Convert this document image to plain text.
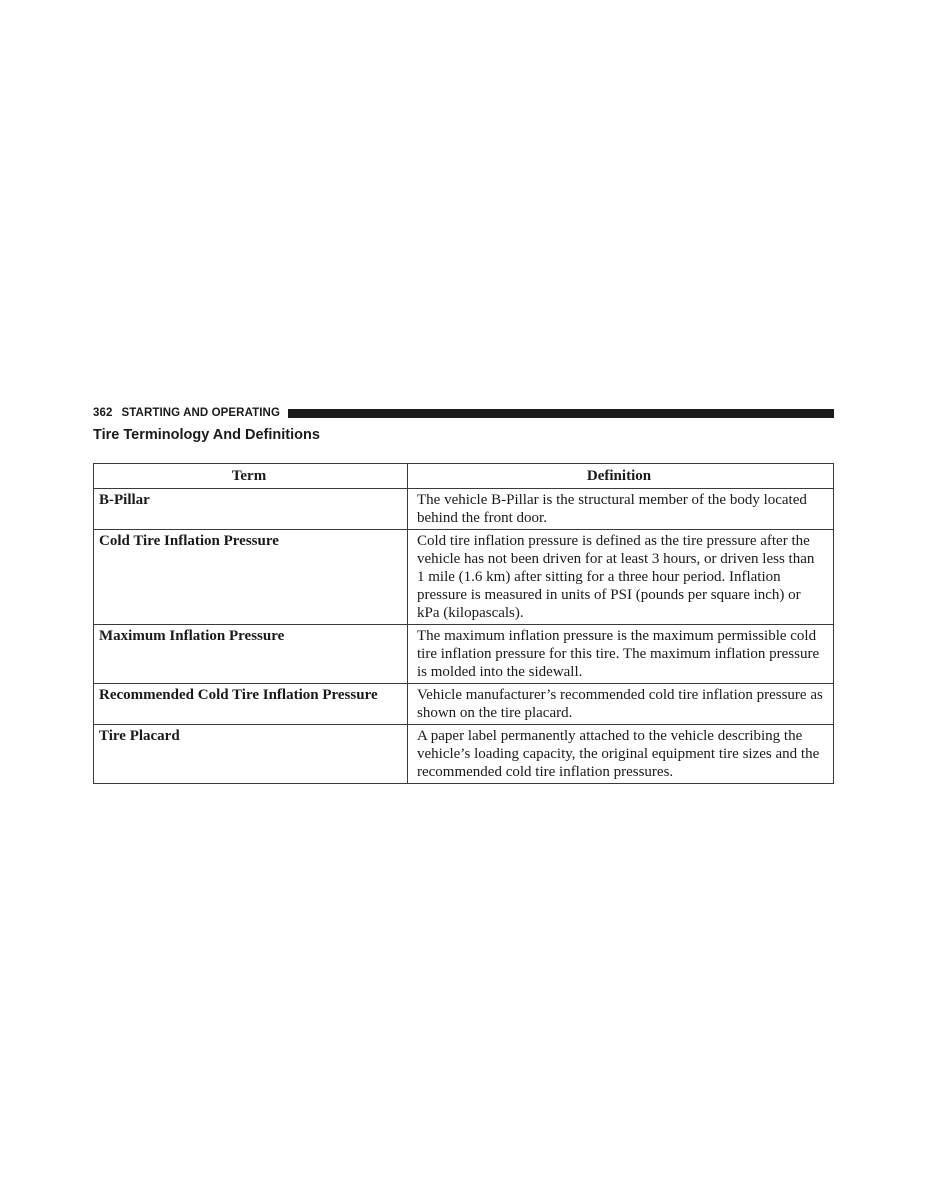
362 STARTING AND OPERATING
Tire Terminology And Definitions
Term	Definition
B-Pillar	The vehicle B-Pillar is the structural member of the body located behind the front door.
Cold Tire Inflation Pressure	Cold tire inflation pressure is defined as the tire pressure after the vehicle has not been driven for at least 3 hours, or driven less than 1 mile (1.6 km) after sitting for a three hour period. Inflation pressure is measured in units of PSI (pounds per square inch) or kPa (kilopascals).
Maximum Inflation Pressure	The maximum inflation pressure is the maximum permissible cold tire inflation pressure for this tire. The maximum inflation pressure is molded into the sidewall.
Recommended Cold Tire Inflation Pressure	Vehicle manufacturer’s recommended cold tire inflation pressure as shown on the tire placard.
Tire Placard	A paper label permanently attached to the vehicle describing the vehicle’s loading capacity, the original equipment tire sizes and the recommended cold tire inflation pressures.
